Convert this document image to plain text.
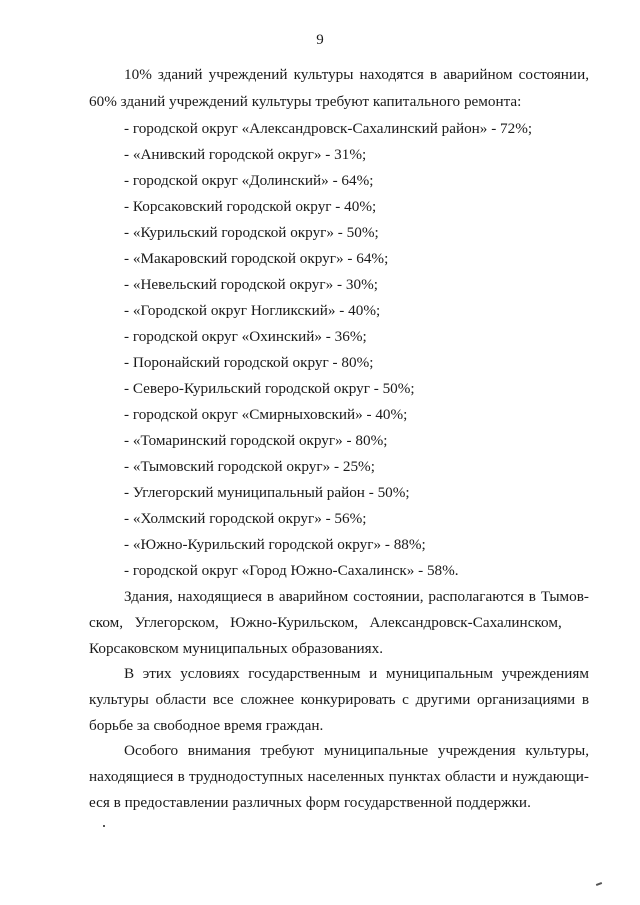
9
10% зданий учреждений культуры находятся в аварийном состоянии,
60% зданий учреждений культуры требуют капитального ремонта:
- городской округ «Александровск-Сахалинский район» - 72%;
- «Анивский городской округ» - 31%;
- городской округ «Долинский» - 64%;
- Корсаковский городской округ - 40%;
- «Курильский городской округ» - 50%;
- «Макаровский городской округ» - 64%;
- «Невельский городской округ» - 30%;
- «Городской округ Ногликский» - 40%;
- городской округ «Охинский» - 36%;
- Поронайский городской округ - 80%;
- Северо-Курильский городской округ - 50%;
- городской округ «Смирныховский» - 40%;
- «Томаринский городской округ» - 80%;
- «Тымовский городской округ» - 25%;
- Углегорский муниципальный район - 50%;
- «Холмский городской округ» - 56%;
- «Южно-Курильский городской округ» - 88%;
- городской округ «Город Южно-Сахалинск» - 58%.
Здания, находящиеся в аварийном состоянии, располагаются в Тымов-
ском,   Углегорском,   Южно-Курильском,   Александровск-Сахалинском,
Корсаковском муниципальных образованиях.
В этих условиях государственным и муниципальным учреждениям
культуры области все сложнее конкурировать с другими организациями в
борьбе за свободное время граждан.
Особого внимания требуют муниципальные учреждения культуры,
находящиеся в труднодоступных населенных пунктах области и нуждающи-
еся в предоставлении различных форм государственной поддержки.
